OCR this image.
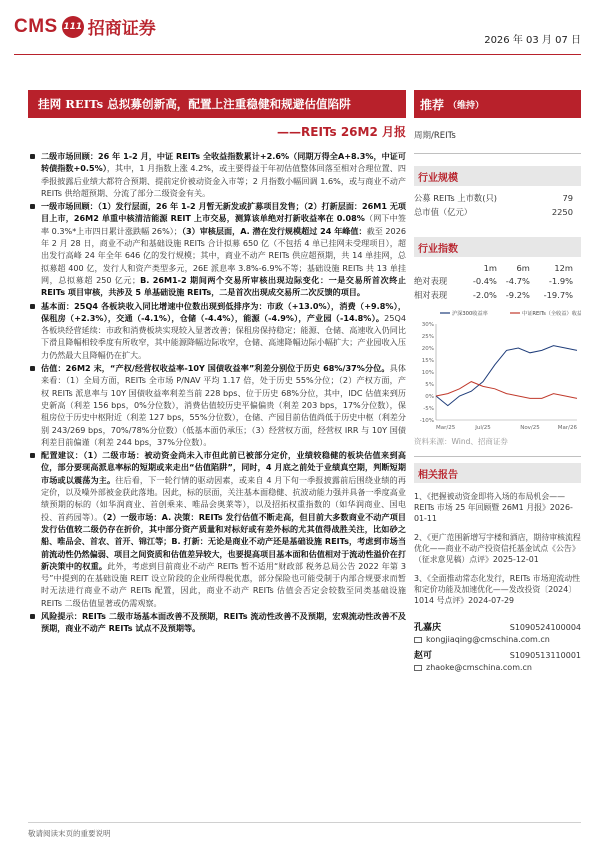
CMS 111 招商证券
2026 年 03 月 07 日
挂网 REITs 总拟募创新高，配置上注重稳健和规避估值陷阱
——REITs 26M2 月报

二级市场回顾：26 年 1-2 月，中证 REITs 全收益指数累计+2.6%（同期万得全A+8.3%，中证可转债指数+0.5%），其中，1 月指数上涨 4.2%，或主要得益于年初估值整体回落至相对合理位置、四季报披露后业绩大都符合预期、提前定价被动资金入市等；2 月指数小幅回调 1.6%，或与商业不动产 REITs 供给超预期、分流了部分二级资金有关。

一级市场回顾：（1）发行层面，26 年 1-2 月暂无新发或扩募项目发售；（2）打新层面：26M1 无项目上市，26M2 单重中核清洁能源 REIT 上市交易，测算该单绝对打新收益率在 0.08%（网下中签率 0.3%*上市四日累计涨跌幅 26%）；（3）审核层面，A. 潜在发行规模超过 24 年峰值：截至 2026 年 2 月 28 日，商业不动产和基础设施 REITs 合计拟募 650 亿（不包括 4 单已挂网未受理项目），超出发行高峰 24 年全年 646 亿的发行规模；其中，商业不动产 REITs 供应超预期，共 14 单挂网，总拟募超 400 亿，发行人和资产类型多元，26E 派息率 3.8%-6.9%不等；基础设施 REITs 共 13 单挂网，总拟募超 250 亿元；B. 26M1-2 期间两个交易所审核出现边际变化：一是交易所首次终止 REITs 项目审核，共涉及 5 单基础设施 REITs，二是首次出现成交易所二次反馈的项目。

基本面：25Q4 各板块收入同比增速中位数出现到低排序为：市政（+13.0%），消费（+9.8%），保租房（+2.3%），交通（-4.1%），仓储（-4.4%），能源（-4.9%），产业园（-14.8%）。25Q4 各板块经营延续：市政和消费板块实现较入显著改善；保租房保持稳定；能源、仓储、高速收入仍同比下滑且降幅相较季度有所收窄，其中能源降幅边际收窄，仓储、高速降幅边际小幅扩大；产业园收入压力仍然最大且降幅仍在扩大。

估值：26M2 末，“产权/经营权收益率-10Y 国债收益率”利差分别位于历史 68%/37%分位。具体来看：（1）全局方面，REITs 全市场 P/NAV 平均 1.17 倍，处于历史 55%分位；（2）产权方面，产权 REITs 派息率与 10Y 国债收益率利差当前 228 bps、位于历史 68%分位，其中，IDC 估值来到历史新高（利差 156 bps，0%分位数），消费估值较历史平偏偏贵（利差 203 bps，17%分位数），保租房位于历史中枢附近（利差 127 bps，55%分位数），仓储、产园目前估值尚低于历史中枢（利差分别 243/269 bps，70%/78%分位数）（低基本面仍承压；（3）经营权方面，经营权 IRR 与 10Y 国债利差目前偏谨（利差 244 bps，37%分位数）。

配置建议：（1）二级市场：被动资金尚未入市但此前已被部分定价，业绩较稳健的板块估值来到高位，部分要现高派息率标的短期或来走出“估值陷阱”，同时，4 月底之前处于业绩真空期，判断短期市场或以震荡为主。往后看，下一轮行情的驱动因素，或来自 4 月下旬一季报披露前后围绕业绩的再定价，以及噪外部被金获此落地。因此，标的层面，关注基本面稳健、抗波动能力强并具备一季度高业绩预期的标的（如华润商业、首创乘来、唯品会奥莱等），以及招拓权重指数的（如华润商业、国电投、首药园等）。（2）一级市场：A. 决策：REITs 发行估值不断走高，但目前大多数商业不动产项目发行估值较二级仍存在折价，其中部分资产质量和对标好或有差外标的尤其值得战胜关注，比如砂之船、唯品会、首农、首开、锦江等；B. 打新：无论是商业不动产还是基础设施 REITs，考虑到市场当前流动性仍然偏弱、项目之间资质和估值差异较大，也要提高项目基本面和估值相对于流动性溢价在打新决策中的权重。此外，考虑到目前商业不动产 REITs 暂不适用“财政部 税务总局公告 2022 年第 3 号”中提到的在基础设施 REIT 设立阶段的企业所得税优惠，部分保险也可能受制于内部合规要求而暂时无法进行商业不动产 REITs 配置，因此，商业不动产 REITs 估值会否定会较数至同类基础设施 REITs 二级估值显著或仍需观察。

风险提示：REITs 二级市场基本面改善不及预期，REITs 流动性改善不及预期，宏观流动性改善不及预期，商业不动产 REITs 试点不及预期等。

推荐 （维持）
周期/REITs
行业规模
公募 REITs 上市数(只)	79
总市值（亿元）	2250
行业指数
	1m	6m	12m
绝对表现	-0.4%	-4.7%	-1.9%
相对表现	-2.0%	-9.2%	-19.7%
-10%
-5%
0%
5%
10%
15%
20%
25%
30%
Mar/25	Jul/25	Nov/25	Mar/26
沪深300收益率	中证REITs（全收益）收益率
资料来源：Wind、招商证券
相关报告
1、《把握被动资金即将入场的布局机会——REITs 市场 25 年回顾暨 26M1 月报》2026-01-11
2、《更广范围新增写字楼和酒店，期待审核流程优化——商业不动产投资信托基金试点《公告》（征求意见稿）点评》2025-12-01
3、《全面推动常态化发行，REITs 市场迎流动性和定价功能及加速优化——发改投资〔2024〕1014 号点评》2024-07-29
孔嘉庆	S1090524100004
kongjiaqing@cmschina.com.cn
赵可	S1090513110001
zhaoke@cmschina.com.cn
敬请阅读末页的重要说明
